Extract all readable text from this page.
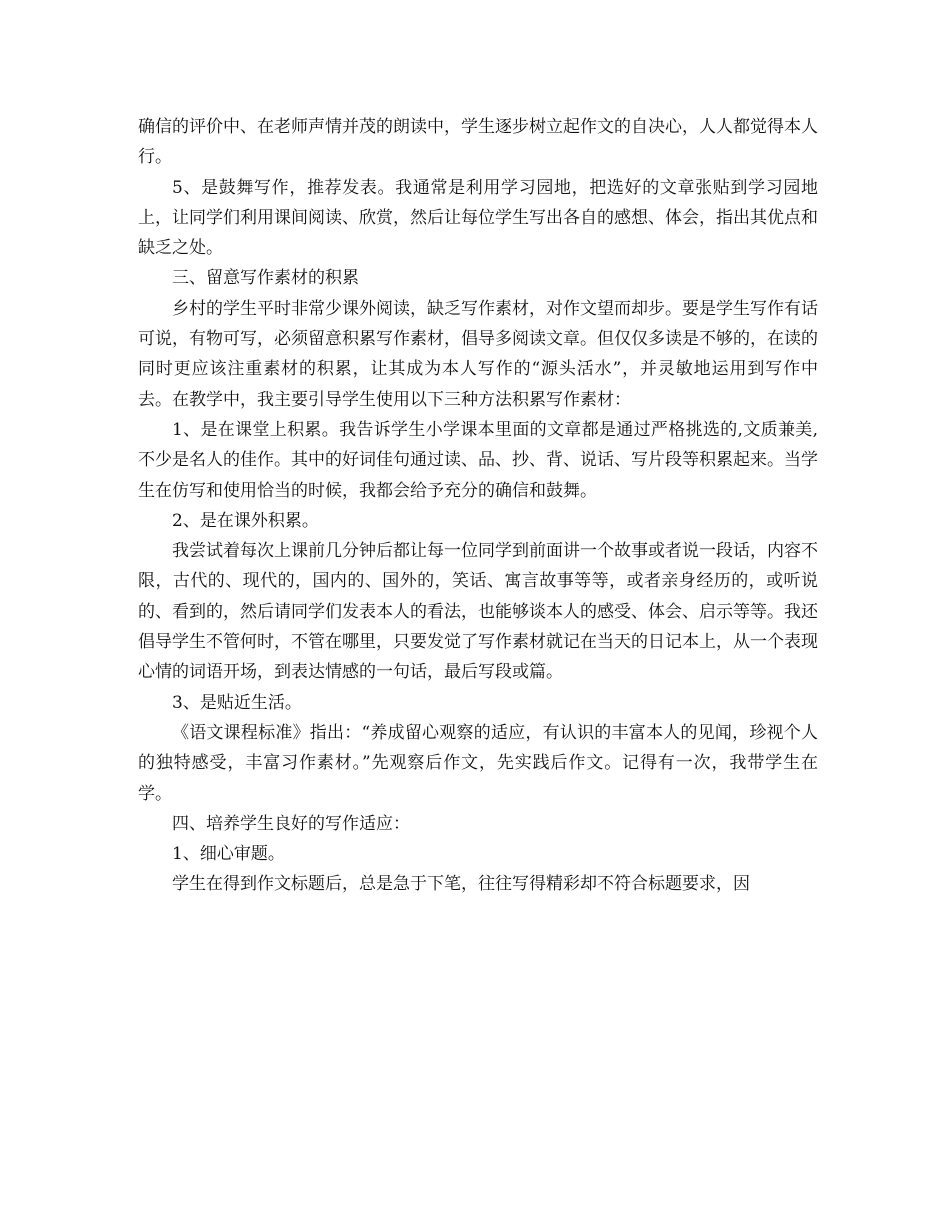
确信的评价中、在老师声情并茂的朗读中，学生逐步树立起作文的自决心，人人都觉得本人行。

5、是鼓舞写作，推荐发表。我通常是利用学习园地，把选好的文章张贴到学习园地上，让同学们利用课间阅读、欣赏，然后让每位学生写出各自的感想、体会，指出其优点和缺乏之处。

三、留意写作素材的积累

乡村的学生平时非常少课外阅读，缺乏写作素材，对作文望而却步。要是学生写作有话可说，有物可写，必须留意积累写作素材，倡导多阅读文章。但仅仅多读是不够的，在读的同时更应该注重素材的积累，让其成为本人写作的“源头活水”，并灵敏地运用到写作中去。在教学中，我主要引导学生使用以下三种方法积累写作素材：

1、是在课堂上积累。我告诉学生小学课本里面的文章都是通过严格挑选的,文质兼美,不少是名人的佳作。其中的好词佳句通过读、品、抄、背、说话、写片段等积累起来。当学生在仿写和使用恰当的时候，我都会给予充分的确信和鼓舞。

2、是在课外积累。

我尝试着每次上课前几分钟后都让每一位同学到前面讲一个故事或者说一段话，内容不限，古代的、现代的，国内的、国外的，笑话、寓言故事等等，或者亲身经历的，或听说的、看到的，然后请同学们发表本人的看法，也能够谈本人的感受、体会、启示等等。我还倡导学生不管何时，不管在哪里，只要发觉了写作素材就记在当天的日记本上，从一个表现心情的词语开场，到表达情感的一句话，最后写段或篇。

3、是贴近生活。

《语文课程标准》指出：“养成留心观察的适应，有认识的丰富本人的见闻，珍视个人的独特感受，丰富习作素材。”先观察后作文，先实践后作文。记得有一次，我带学生在学。

四、培养学生良好的写作适应：

1、细心审题。

学生在得到作文标题后，总是急于下笔，往往写得精彩却不符合标题要求，因
